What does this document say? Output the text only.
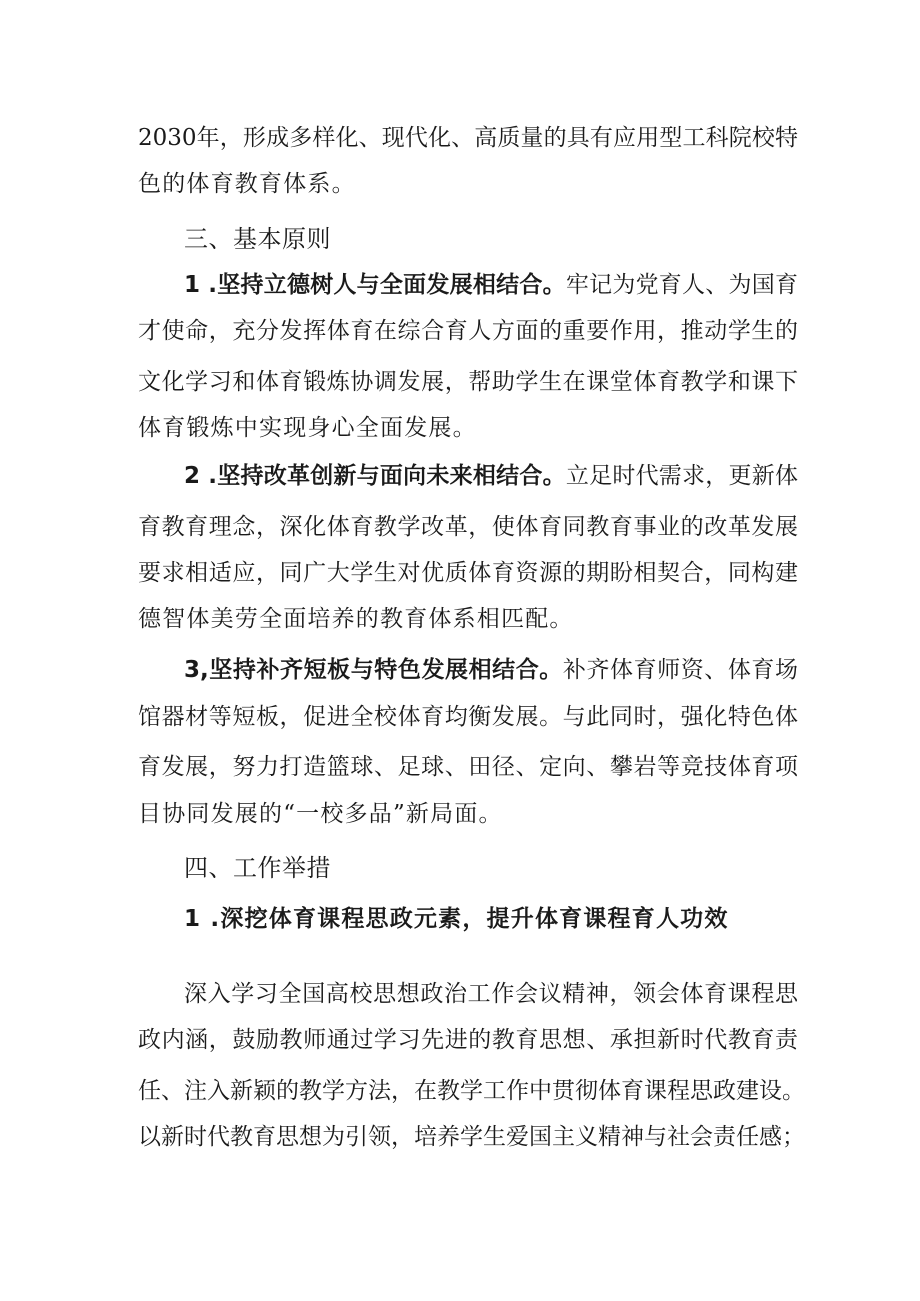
2030年，形成多样化、现代化、高质量的具有应用型工科院校特
色的体育教育体系。
三、基本原则
1 .坚持立德树人与全面发展相结合。牢记为党育人、为国育
才使命，充分发挥体育在综合育人方面的重要作用，推动学生的
文化学习和体育锻炼协调发展，帮助学生在课堂体育教学和课下
体育锻炼中实现身心全面发展。
2 .坚持改革创新与面向未来相结合。立足时代需求，更新体
育教育理念，深化体育教学改革，使体育同教育事业的改革发展
要求相适应，同广大学生对优质体育资源的期盼相契合，同构建
德智体美劳全面培养的教育体系相匹配。
3,坚持补齐短板与特色发展相结合。补齐体育师资、体育场
馆器材等短板，促进全校体育均衡发展。与此同时，强化特色体
育发展，努力打造篮球、足球、田径、定向、攀岩等竞技体育项
目协同发展的“一校多品”新局面。
四、工作举措
1 .深挖体育课程思政元素，提升体育课程育人功效
深入学习全国高校思想政治工作会议精神，领会体育课程思
政内涵，鼓励教师通过学习先进的教育思想、承担新时代教育责
任、注入新颖的教学方法，在教学工作中贯彻体育课程思政建设。
以新时代教育思想为引领，培养学生爱国主义精神与社会责任感；
